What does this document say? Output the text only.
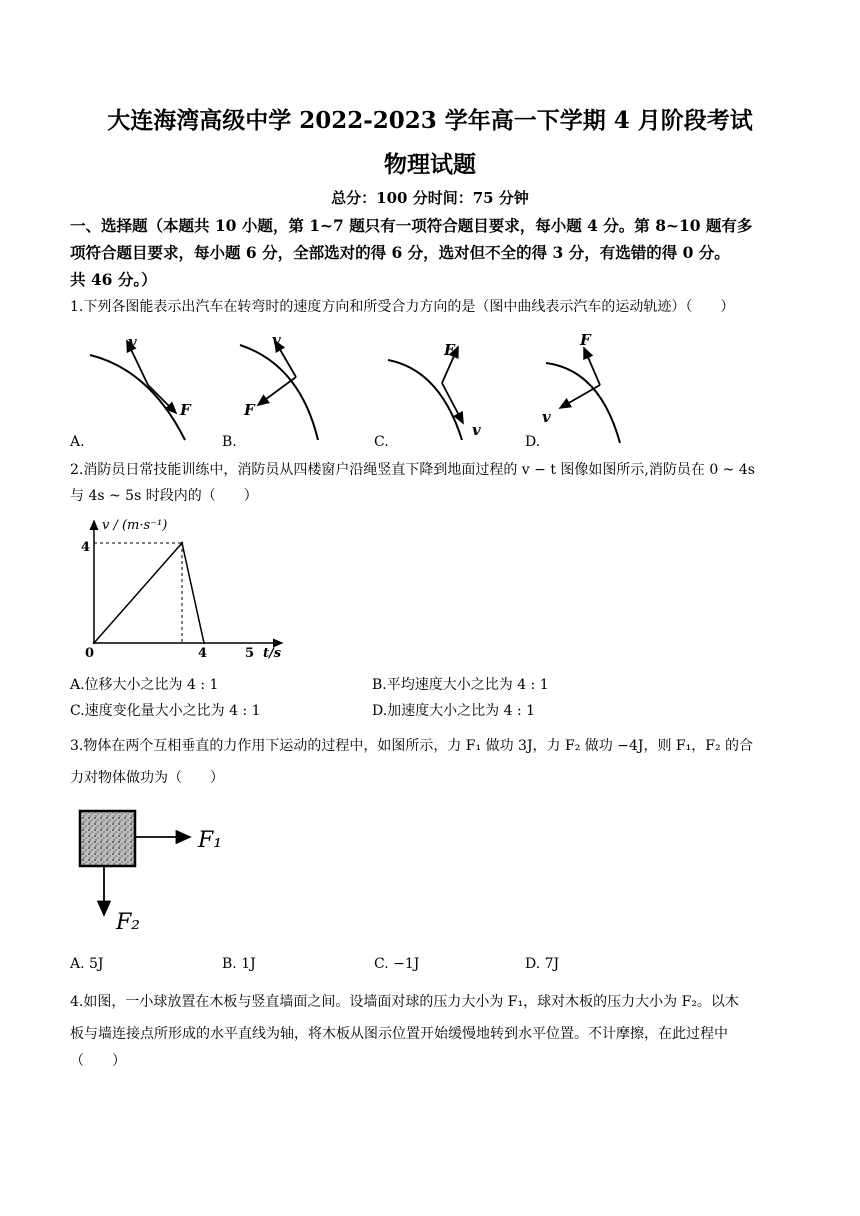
大连海湾高级中学 2022-2023 学年高一下学期 4 月阶段考试
物理试题
总分：100 分时间：75 分钟
一、选择题（本题共 10 小题，第 1~7 题只有一项符合题目要求，每小题 4 分。第 8~10 题有多
项符合题目要求，每小题 6 分，全部选对的得 6 分，选对但不全的得 3 分，有选错的得 0 分。
共 46 分。）
1.下列各图能表示出汽车在转弯时的速度方向和所受合力方向的是（图中曲线表示汽车的运动轨迹）（　　）
v
F
v
F
F
v
F
v
A.	B.	C.	D.
2.消防员日常技能训练中，消防员从四楼窗户沿绳竖直下降到地面过程的 v − t 图像如图所示,消防员在 0 ~ 4s
与 4s ~ 5s 时段内的（　　）
v / (m·s⁻¹)
t/s
0	4	5
4
A.位移大小之比为 4 : 1	B.平均速度大小之比为 4 : 1
C.速度变化量大小之比为 4 : 1	D.加速度大小之比为 4 : 1
3.物体在两个互相垂直的力作用下运动的过程中，如图所示，力 F₁ 做功 3J，力 F₂ 做功 −4J，则 F₁，F₂ 的合
力对物体做功为（　　）
F₁
F₂
A. 5J	B. 1J	C. −1J	D. 7J
4.如图，一小球放置在木板与竖直墙面之间。设墙面对球的压力大小为 F₁，球对木板的压力大小为 F₂。以木
板与墙连接点所形成的水平直线为轴，将木板从图示位置开始缓慢地转到水平位置。不计摩擦，在此过程中
（　　）
